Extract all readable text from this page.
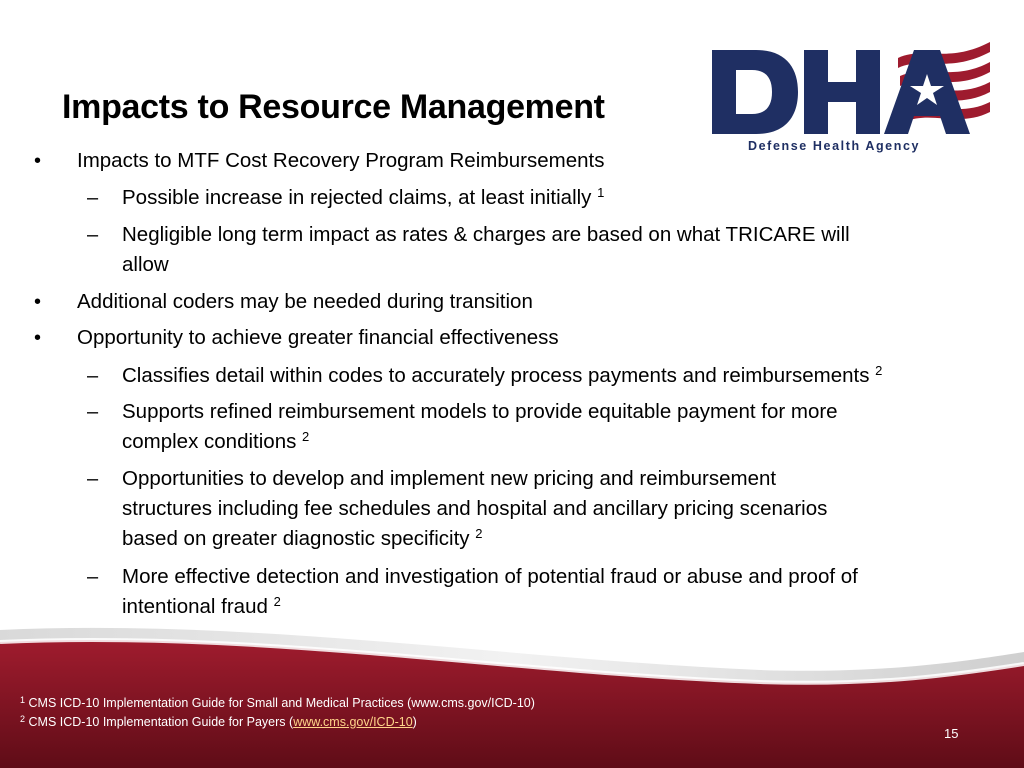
Defense Health Agency
Impacts to Resource Management
• Impacts to MTF Cost Recovery Program Reimbursements
– Possible increase in rejected claims, at least initially $^1$
– Negligible long term impact as rates & charges are based on what TRICARE will
allow
• Additional coders may be needed during transition
• Opportunity to achieve greater financial effectiveness
– Classifies detail within codes to accurately process payments and reimbursements $^2$
– Supports refined reimbursement models to provide equitable payment for more
complex conditions $^2$
– Opportunities to develop and implement new pricing and reimbursement
structures including fee schedules and hospital and ancillary pricing scenarios
based on greater diagnostic specificity $^2$
– More effective detection and investigation of potential fraud or abuse and proof of
intentional fraud $^2$
$^1$ CMS ICD-10 Implementation Guide for Small and Medical Practices (www.cms.gov/ICD-10)
$^2$ CMS ICD-10 Implementation Guide for Payers (www.cms.gov/ICD-10)
15
